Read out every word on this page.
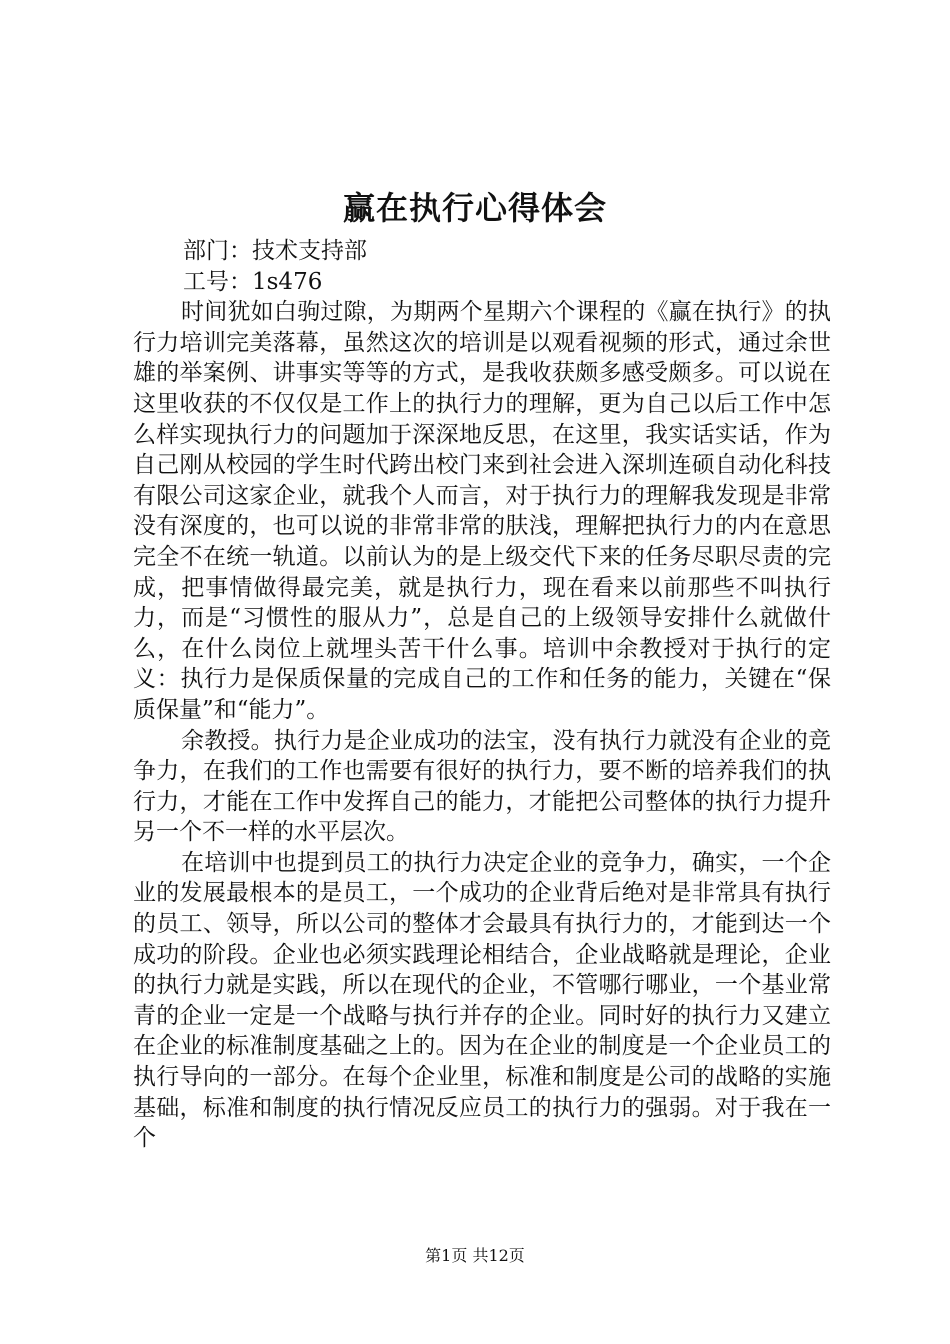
赢在执行心得体会

部门：技术支持部

工号：1s476

时间犹如白驹过隙，为期两个星期六个课程的《赢在执行》的执行力培训完美落幕，虽然这次的培训是以观看视频的形式，通过余世雄的举案例、讲事实等等的方式，是我收获颇多感受颇多。可以说在这里收获的不仅仅是工作上的执行力的理解，更为自己以后工作中怎么样实现执行力的问题加于深深地反思，在这里，我实话实话，作为自己刚从校园的学生时代跨出校门来到社会进入深圳连硕自动化科技有限公司这家企业，就我个人而言，对于执行力的理解我发现是非常没有深度的，也可以说的非常非常的肤浅，理解把执行力的内在意思完全不在统一轨道。以前认为的是上级交代下来的任务尽职尽责的完成，把事情做得最完美，就是执行力，现在看来以前那些不叫执行力，而是“习惯性的服从力”，总是自己的上级领导安排什么就做什么，在什么岗位上就埋头苦干什么事。培训中余教授对于执行的定义：执行力是保质保量的完成自己的工作和任务的能力，关键在“保质保量”和“能力”。

余教授。执行力是企业成功的法宝，没有执行力就没有企业的竞争力，在我们的工作也需要有很好的执行力，要不断的培养我们的执行力，才能在工作中发挥自己的能力，才能把公司整体的执行力提升另一个不一样的水平层次。

在培训中也提到员工的执行力决定企业的竞争力，确实，一个企业的发展最根本的是员工，一个成功的企业背后绝对是非常具有执行的员工、领导，所以公司的整体才会最具有执行力的，才能到达一个成功的阶段。企业也必须实践理论相结合，企业战略就是理论，企业的执行力就是实践，所以在现代的企业，不管哪行哪业，一个基业常青的企业一定是一个战略与执行并存的企业。同时好的执行力又建立在企业的标准制度基础之上的。因为在企业的制度是一个企业员工的执行导向的一部分。在每个企业里，标准和制度是公司的战略的实施基础，标准和制度的执行情况反应员工的执行力的强弱。对于我在一个

第1页 共12页
